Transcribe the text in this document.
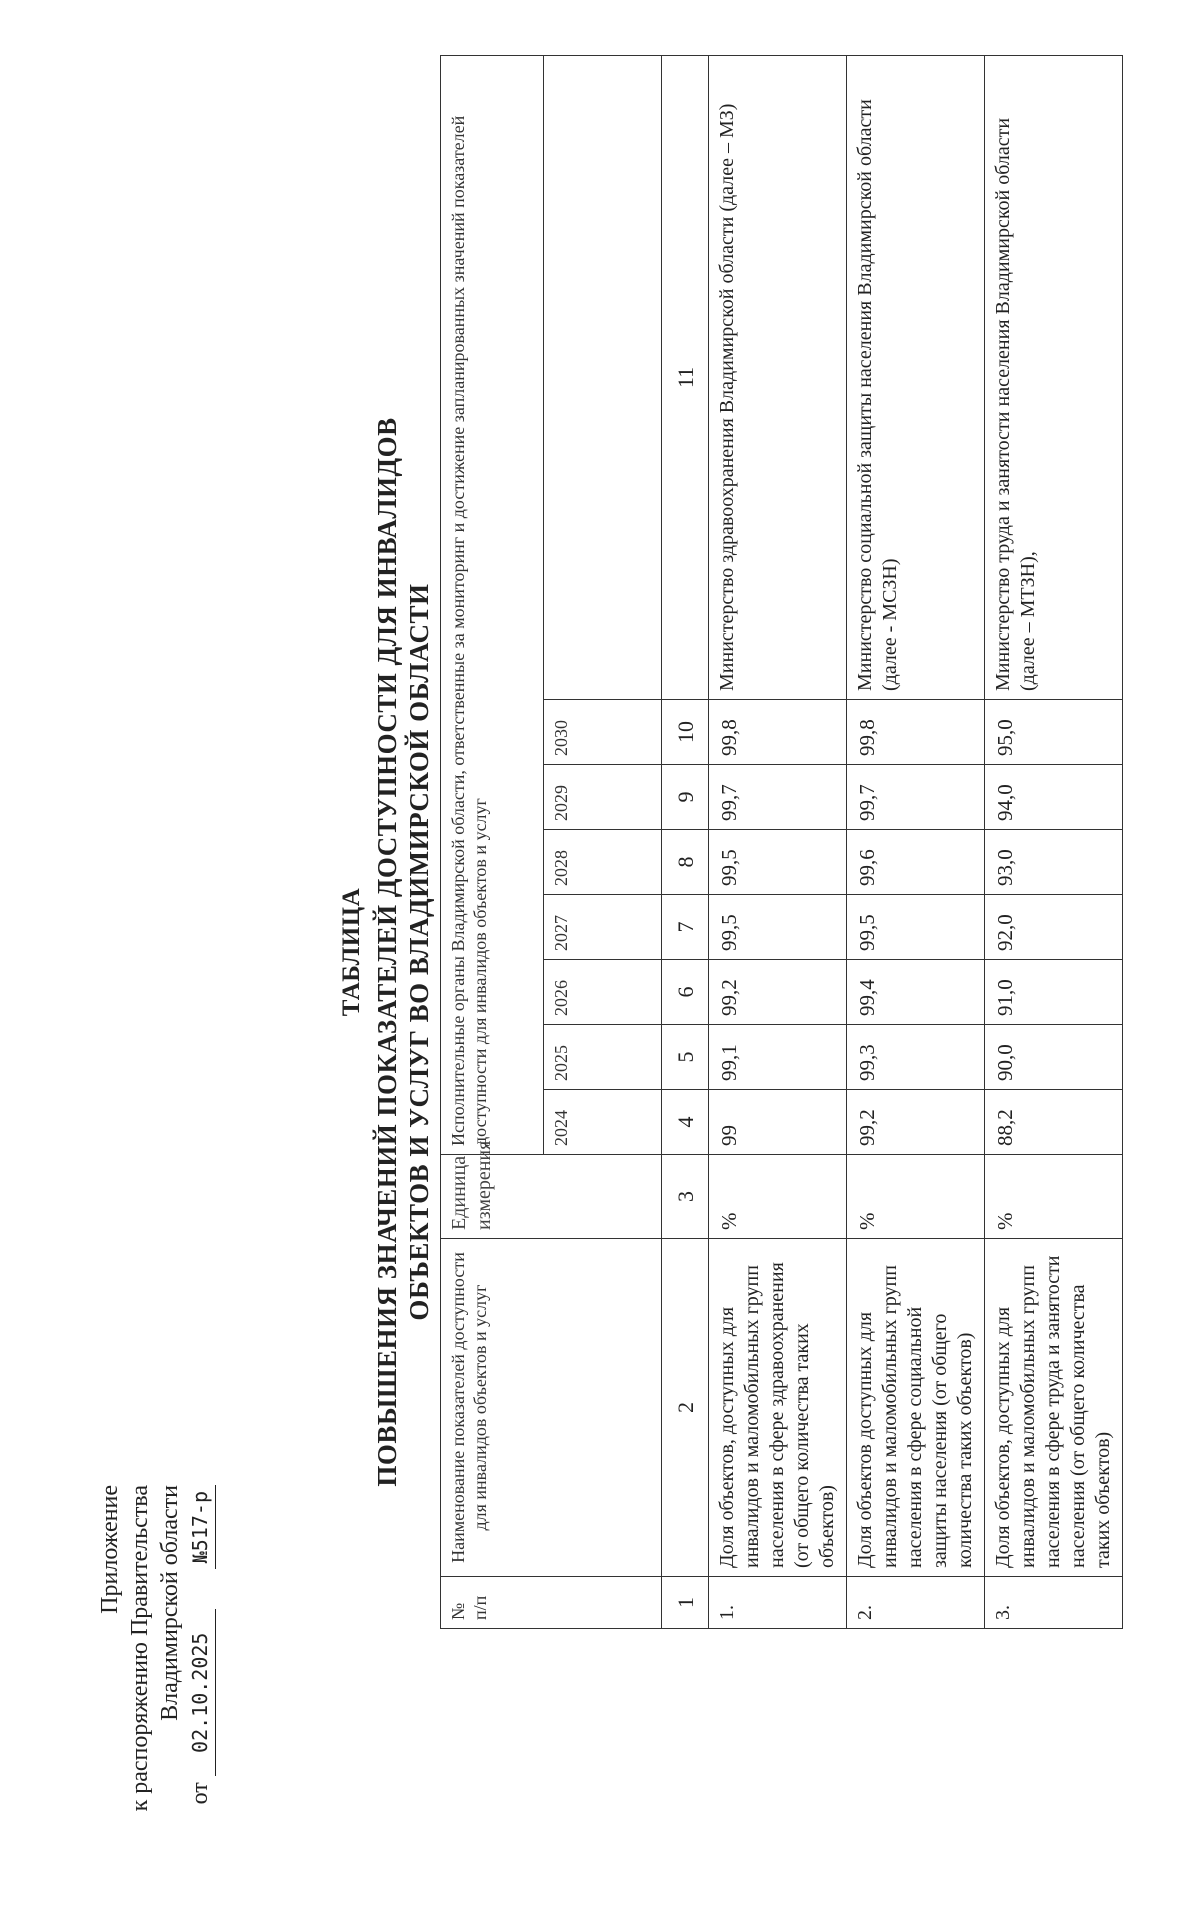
Приложение к распоряжению Правительства Владимирской области
от 02.10.2025№517-р
ТАБЛИЦА ПОВЫШЕНИЯ ЗНАЧЕНИЙ ПОКАЗАТЕЛЕЙ ДОСТУПНОСТИ ДЛЯ ИНВАЛИДОВ ОБЪЕКТОВ И УСЛУГ ВО ВЛАДИМИРСКОЙ ОБЛАСТИ
№ п/п	Наименование показателей доступности для инвалидов объектов и услуг	Единица измерения	Исполнительные органы Владимирской области, ответственные за мониторинг и достижение запланированных значений показателей доступности для инвалидов объектов и услуг							
			2024	2025	2026	2027	2028	2029	2030	
1	2	3	4	5	6	7	8	9	10	11
1.	Доля объектов, доступных для инвалидов и маломобильных групп населения в сфере здравоохранения (от общего количества таких объектов)	%	99	99,1	99,2	99,5	99,5	99,7	99,8	Министерство здравоохранения Владимирской области (далее – МЗ)
2.	Доля объектов доступных для инвалидов и маломобильных групп населения в сфере социальной защиты населения (от общего количества таких объектов)	%	99,2	99,3	99,4	99,5	99,6	99,7	99,8	Министерство социальной защиты населения Владимирской области (далее - МСЗН)
3.	Доля объектов, доступных для инвалидов и маломобильных групп населения в сфере труда и занятости населения (от общего количества таких объектов)	%	88,2	90,0	91,0	92,0	93,0	94,0	95,0	Министерство труда и занятости населения Владимирской области (далее – МТЗН),
